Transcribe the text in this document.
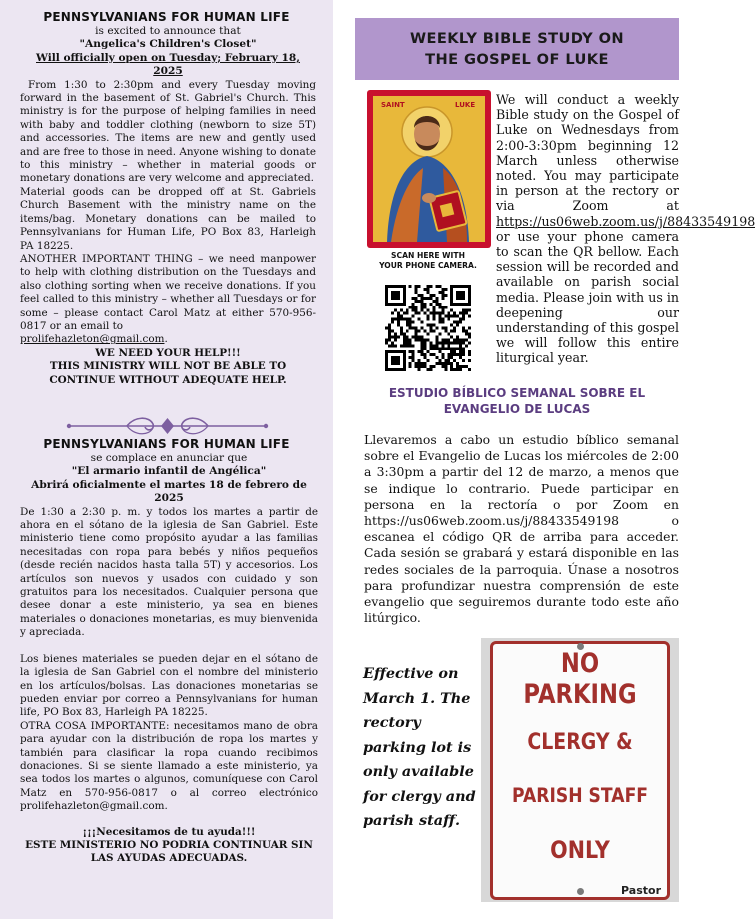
PENNSYLVANIANS FOR HUMAN LIFE

is excited to announce that

"Angelica's Children's Closet"

Will officially open on Tuesday; February 18, 2025

From 1:30 to 2:30pm and every Tuesday moving forward in the basement of St. Gabriel's Church. This ministry is for the purpose of helping families in need with baby and toddler clothing (newborn to size 5T) and accessories. The items are new and gently used and are free to those in need. Anyone wishing to donate to this ministry – whether in material goods or monetary donations are very welcome and appreciated.

Material goods can be dropped off at St. Gabriels Church Basement with the ministry name on the items/bag. Monetary donations can be mailed to Pennsylvanians for Human Life, PO Box 83, Harleigh PA 18225.

ANOTHER IMPORTANT THING – we need manpower to help with clothing distribution on the Tuesdays and also clothing sorting when we receive donations. If you feel called to this ministry – whether all Tuesdays or for some – please contact Carol Matz at either 570-956-0817 or an email to

prolifehazleton@gmail.com.

WE NEED YOUR HELP!!!

THIS MINISTRY WILL NOT BE ABLE TO CONTINUE WITHOUT ADEQUATE HELP.

PENNSYLVANIANS FOR HUMAN LIFE

se complace en anunciar que

"El armario infantil de Angélica"

Abrirá oficialmente el martes 18 de febrero de 2025

De 1:30 a 2:30 p. m. y todos los martes a partir de ahora en el sótano de la iglesia de San Gabriel. Este ministerio tiene como propósito ayudar a las familias necesitadas con ropa para bebés y niños pequeños (desde recién nacidos hasta talla 5T) y accesorios. Los artículos son nuevos y usados con cuidado y son gratuitos para los necesitados. Cualquier persona que desee donar a este ministerio, ya sea en bienes materiales o donaciones monetarias, es muy bienvenida y apreciada.

Los bienes materiales se pueden dejar en el sótano de la iglesia de San Gabriel con el nombre del ministerio en los artículos/bolsas. Las donaciones monetarias se pueden enviar por correo a Pennsylvanians for human life, PO Box 83, Harleigh PA 18225.

OTRA COSA IMPORTANTE: necesitamos mano de obra para ayudar con la distribución de ropa los martes y también para clasificar la ropa cuando recibimos donaciones. Si se siente llamado a este ministerio, ya sea todos los martes o algunos, comuníquese con Carol Matz en 570-956-0817 o al correo electrónico prolifehazleton@gmail.com.

¡¡¡Necesitamos de tu ayuda!!!

ESTE MINISTERIO NO PODRIA CONTINUAR SIN LAS AYUDAS ADECUADAS.

WEEKLY BIBLE STUDY ON
THE GOSPEL OF LUKE
SAINT	LUKE
SCAN HERE WITH
YOUR PHONE CAMERA.
We will conduct a weekly Bible study on the Gospel of Luke on Wednesdays from 2:00-3:30pm beginning 12 March unless otherwise noted. You may participate in person at the rectory or via Zoom at https://us06web.zoom.us/j/88433549198 or use your phone camera to scan the QR bellow. Each session will be recorded and available on parish social media. Please join with us in deepening our understanding of this gospel we will follow this entire liturgical year.
ESTUDIO BÍBLICO SEMANAL SOBRE EL
EVANGELIO DE LUCAS
Llevaremos a cabo un estudio bíblico semanal sobre el Evangelio de Lucas los miércoles de 2:00 a 3:30pm a partir del 12 de marzo, a menos que se indique lo contrario. Puede participar en persona en la rectoría o por Zoom en https://us06web.zoom.us/j/88433549198 o escanea el código QR de arriba para acceder. Cada sesión se grabará y estará disponible en las redes sociales de la parroquia. Únase a nosotros para profundizar nuestra comprensión de este evangelio que seguiremos durante todo este año litúrgico.
Effective on March 1. The rectory parking lot is only available for clergy and parish staff.
NO PARKING
CLERGY &
PARISH STAFF
ONLY
Pastor
